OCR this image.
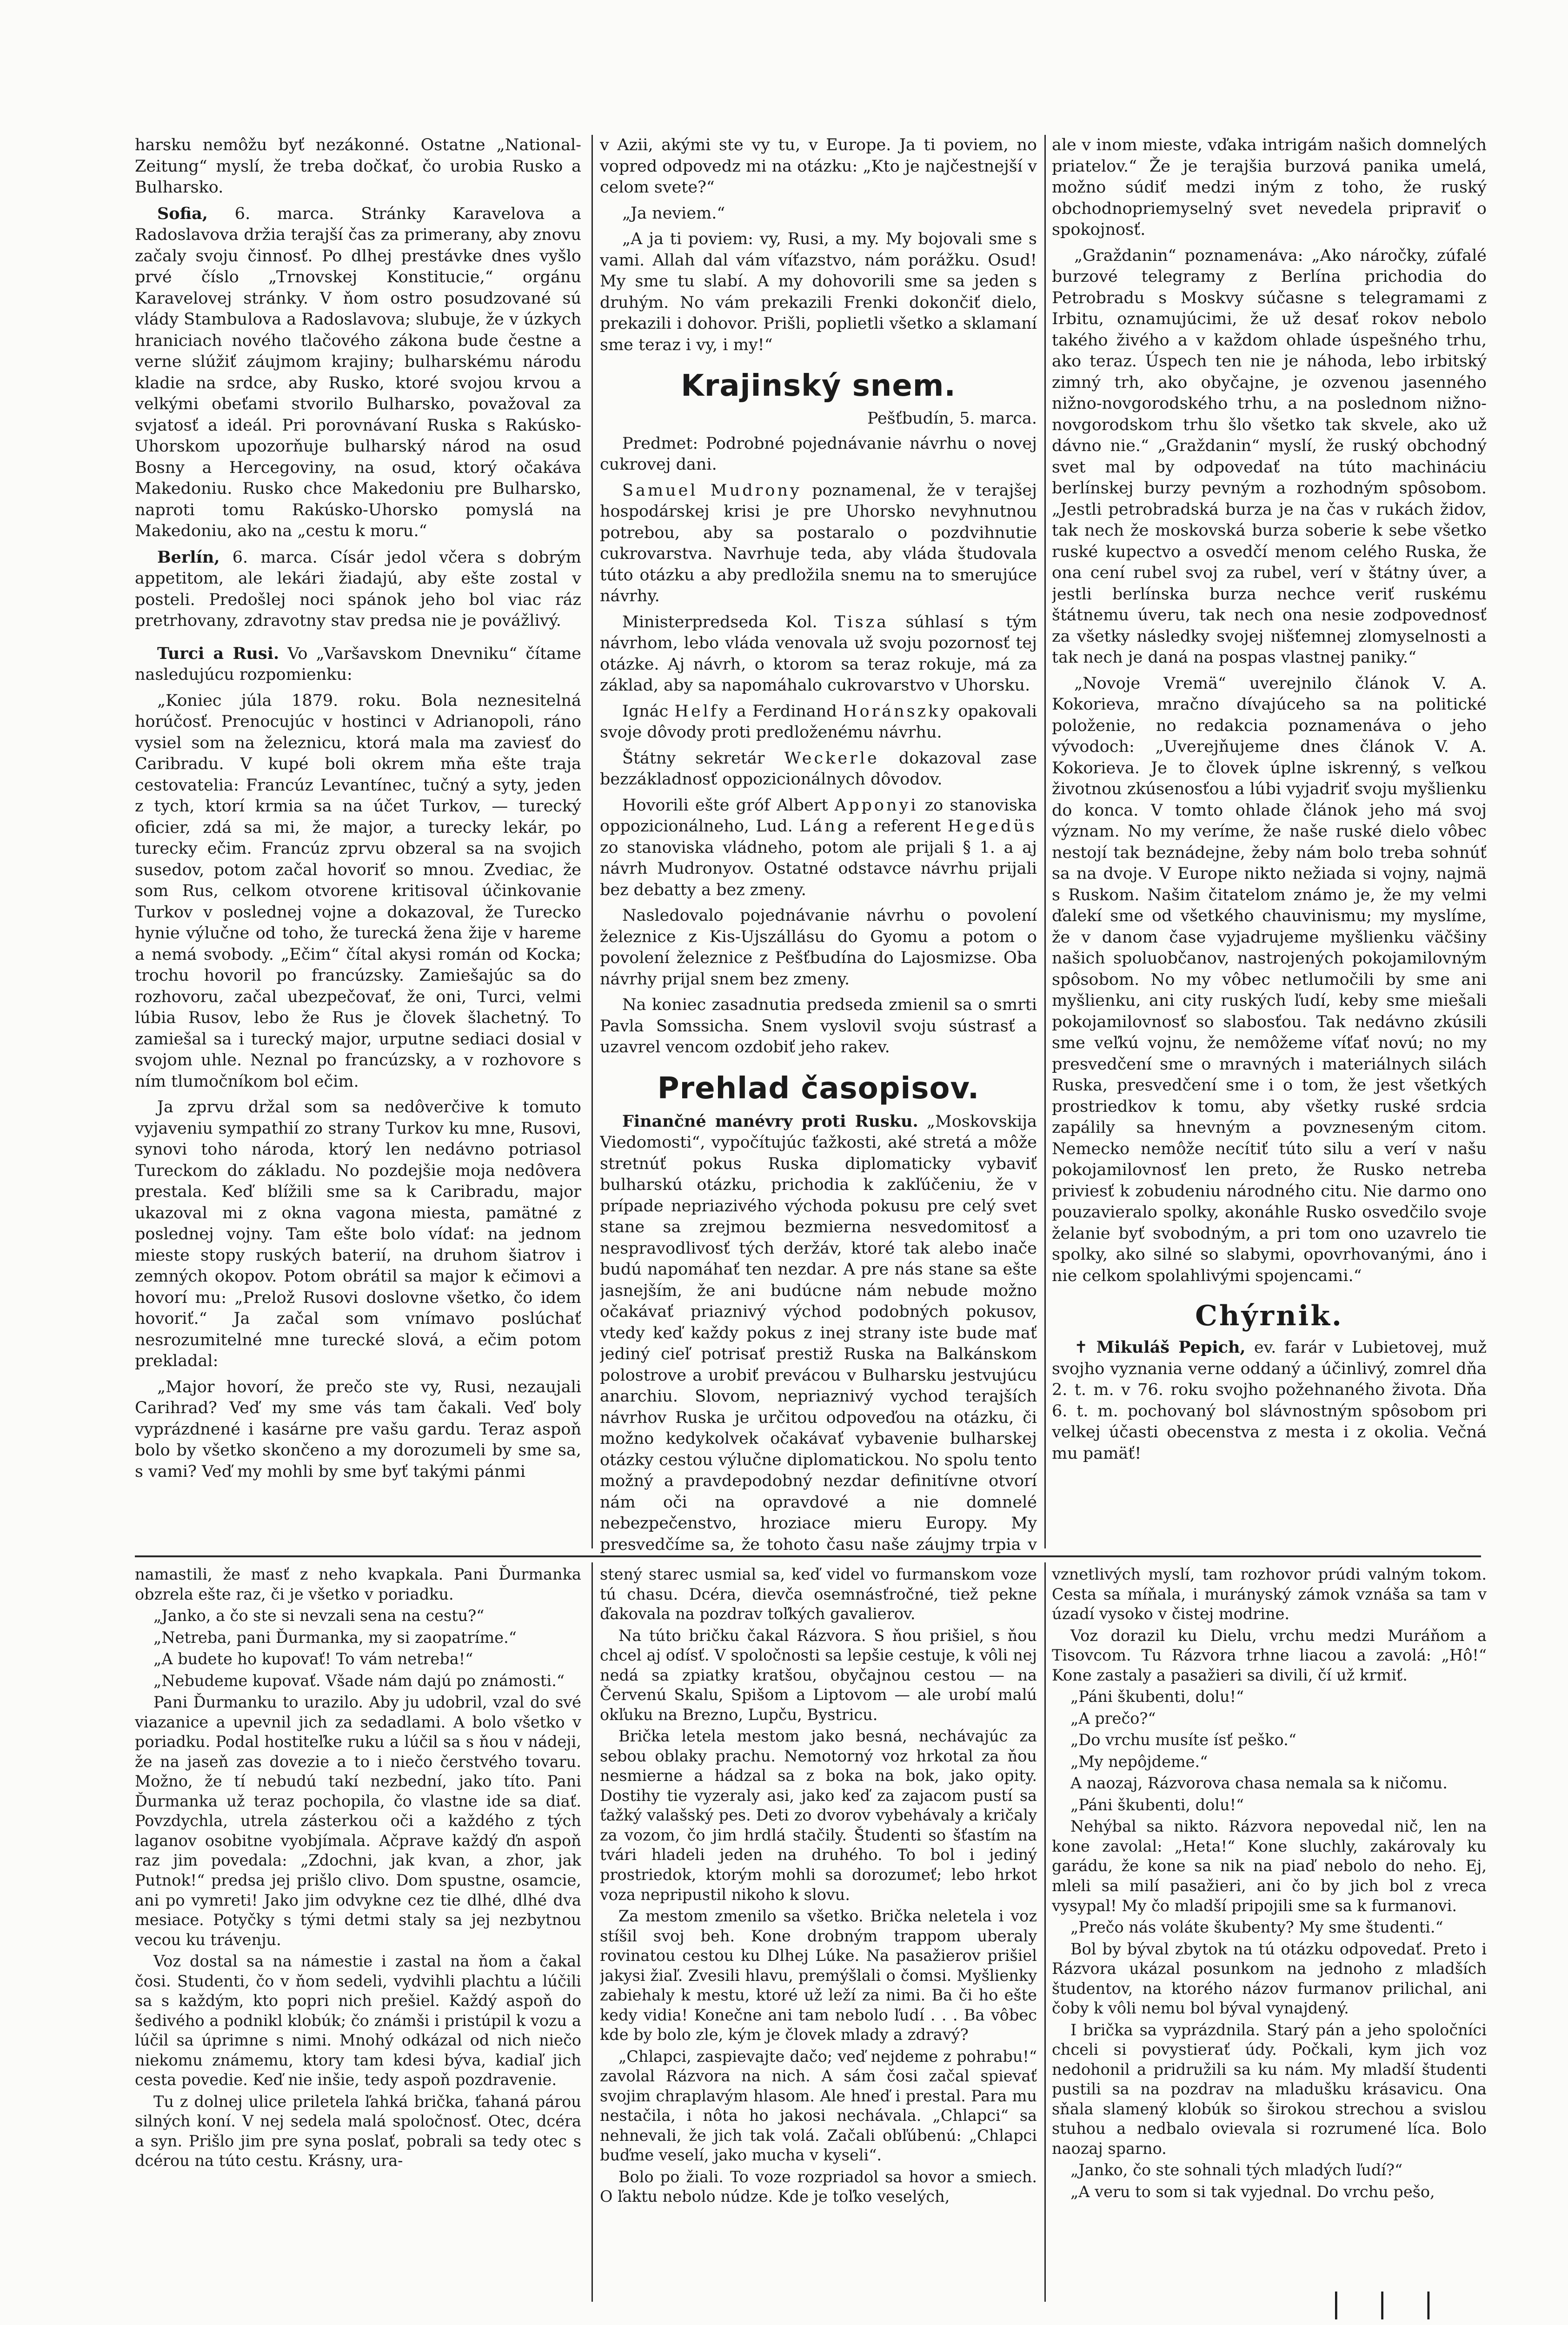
harsku nemôžu byť nezákonné. Ostatne „National-Zeitung“ myslí, že treba dočkať, čo urobia Rusko a Bulharsko.

Sofia, 6. marca. Stránky Karavelova a Radoslavova držia terajší čas za primerany, aby znovu začaly svoju činnosť. Po dlhej prestávke dnes vyšlo prvé číslo „Trnovskej Konstitucie,“ orgánu Karavelovej stránky. V ňom ostro posudzované sú vlády Stambulova a Radoslavova; slubuje, že v úzkych hraniciach nového tlačového zákona bude čestne a verne slúžiť záujmom krajiny; bulharskému národu kladie na srdce, aby Rusko, ktoré svojou krvou a velkými obeťami stvorilo Bulharsko, považoval za svjatosť a ideál. Pri porovnávaní Ruska s Rakúsko-Uhorskom upozorňuje bulharský národ na osud Bosny a Hercegoviny, na osud, ktorý očakáva Makedoniu. Rusko chce Makedoniu pre Bulharsko, naproti tomu Rakúsko-Uhorsko pomyslá na Makedoniu, ako na „cestu k moru.“

Berlín, 6. marca. Císár jedol včera s dobrým appetitom, ale lekári žiadajú, aby ešte zostal v posteli. Predošlej noci spánok jeho bol viac ráz pretrhovany, zdravotny stav predsa nie je povážlivý.

Turci a Rusi. Vo „Varšavskom Dnevniku“ čítame nasledujúcu rozpomienku:

„Koniec júla 1879. roku. Bola neznesitelná horúčosť. Prenocujúc v hostinci v Adrianopoli, ráno vysiel som na železnicu, ktorá mala ma zaviesť do Caribradu. V kupé boli okrem mňa ešte traja cestovatelia: Francúz Levantínec, tučný a syty, jeden z tych, ktorí krmia sa na účet Turkov, — turecký oficier, zdá sa mi, že major, a turecky lekár, po turecky ečim. Francúz zprvu obzeral sa na svojich susedov, potom začal hovoriť so mnou. Zvediac, že som Rus, celkom otvorene kritisoval účinkovanie Turkov v poslednej vojne a dokazoval, že Turecko hynie výlučne od toho, že turecká žena žije v hareme a nemá svobody. „Ečim“ čítal akysi román od Kocka; trochu hovoril po francúzsky. Zamiešajúc sa do rozhovoru, začal ubezpečovať, že oni, Turci, velmi lúbia Rusov, lebo že Rus je človek šlachetný. To zamiešal sa i turecký major, urputne sediaci dosial v svojom uhle. Neznal po francúzsky, a v rozhovore s ním tlumočníkom bol ečim.

Ja zprvu držal som sa nedôverčive k tomuto vyjaveniu sympathií zo strany Turkov ku mne, Rusovi, synovi toho národa, ktorý len nedávno potriasol Tureckom do základu. No pozdejšie moja nedôvera prestala. Keď blížili sme sa k Caribradu, major ukazoval mi z okna vagona miesta, pamätné z poslednej vojny. Tam ešte bolo vídať: na jednom mieste stopy ruských baterií, na druhom šiatrov i zemných okopov. Potom obrátil sa major k ečimovi a hovorí mu: „Prelož Rusovi doslovne všetko, čo idem hovoriť.“ Ja začal som vnímavo poslúchať nesrozumitelné mne turecké slová, a ečim potom prekladal:

„Major hovorí, že prečo ste vy, Rusi, nezaujali Carihrad? Veď my sme vás tam čakali. Veď boly vyprázdnené i kasárne pre vašu gardu. Teraz aspoň bolo by všetko skončeno a my dorozumeli by sme sa, s vami? Veď my mohli by sme byť takými pánmi

v Azii, akými ste vy tu, v Europe. Ja ti poviem, no vopred odpovedz mi na otázku: „Kto je najčestnejší v celom svete?“

„Ja neviem.“

„A ja ti poviem: vy, Rusi, a my. My bojovali sme s vami. Allah dal vám víťazstvo, nám porážku. Osud! My sme tu slabí. A my dohovorili sme sa jeden s druhým. No vám prekazili Frenki dokončiť dielo, prekazili i dohovor. Prišli, poplietli všetko a sklamaní sme teraz i vy, i my!“

Krajinský snem.
Pešťbudín, 5. marca.

Predmet: Podrobné pojednávanie návrhu o novej cukrovej dani.

Samuel Mudrony poznamenal, že v terajšej hospodárskej krisi je pre Uhorsko nevyhnutnou potrebou, aby sa postaralo o pozdvihnutie cukrovarstva. Navrhuje teda, aby vláda študovala túto otázku a aby predložila snemu na to smerujúce návrhy.

Ministerpredseda Kol. Tisza súhlasí s tým návrhom, lebo vláda venovala už svoju pozornosť tej otázke. Aj návrh, o ktorom sa teraz rokuje, má za základ, aby sa napomáhalo cukrovarstvo v Uhorsku.

Ignác Helfy a Ferdinand Horánszky opakovali svoje dôvody proti predloženému návrhu.

Štátny sekretár Weckerle dokazoval zase bezzákladnosť oppozicionálnych dôvodov.

Hovorili ešte gróf Albert Apponyi zo stanoviska oppozicionálneho, Lud. Láng a referent Hegedüs zo stanoviska vládneho, potom ale prijali § 1. a aj návrh Mudronyov. Ostatné odstavce návrhu prijali bez debatty a bez zmeny.

Nasledovalo pojednávanie návrhu o povolení železnice z Kis-Ujszállásu do Gyomu a potom o povolení železnice z Pešťbudína do Lajosmizse. Oba návrhy prijal snem bez zmeny.

Na koniec zasadnutia predseda zmienil sa o smrti Pavla Somssicha. Snem vyslovil svoju sústrasť a uzavrel vencom ozdobiť jeho rakev.

Prehlad časopisov.

Finančné manévry proti Rusku. „Moskovskija Viedomosti“, vypočítujúc ťažkosti, aké stretá a môže stretnúť pokus Ruska diplomaticky vybaviť bulharskú otázku, prichodia k zakľúčeniu, že v prípade nepriazivého východa pokusu pre celý svet stane sa zrejmou bezmierna nesvedomitosť a nespravodlivosť tých deržáv, ktoré tak alebo inače budú napomáhať ten nezdar. A pre nás stane sa ešte jasnejším, že ani budúcne nám nebude možno očakávať priaznivý východ podobných pokusov, vtedy keď každy pokus z inej strany iste bude mať jediný cieľ potrisať prestiž Ruska na Balkánskom polostrove a urobiť prevácou v Bulharsku jestvujúcu anarchiu. Slovom, nepriaznivý vychod terajších návrhov Ruska je určitou odpoveďou na otázku, či možno kedykolvek očakávať vybavenie bulharskej otázky cestou výlučne diplomatickou. No spolu tento možný a pravdepodobný nezdar definitívne otvorí nám oči na opravdové a nie domnelé nebezpečenstvo, hroziace mieru Europy. My presvedčíme sa, že tohoto času naše záujmy trpia v

ale v inom mieste, vďaka intrigám našich domnelých priatelov.“ Že je terajšia burzová panika umelá, možno súdiť medzi iným z toho, že ruský obchodnopriemyselný svet nevedela pripraviť o spokojnosť.

„Graždanin“ poznamenáva: „Ako náročky, zúfalé burzové telegramy z Berlína prichodia do Petrobradu s Moskvy súčasne s telegramami z Irbitu, oznamujúcimi, že už desať rokov nebolo takého živého a v každom ohlade úspešného trhu, ako teraz. Úspech ten nie je náhoda, lebo irbitský zimný trh, ako obyčajne, je ozvenou jasenného nižno-novgorodského trhu, a na poslednom nižno-novgorodskom trhu šlo všetko tak skvele, ako už dávno nie.“ „Graždanin“ myslí, že ruský obchodný svet mal by odpovedať na túto machináciu berlínskej burzy pevným a rozhodným spôsobom. „Jestli petrobradská burza je na čas v rukách židov, tak nech že moskovská burza soberie k sebe všetko ruské kupectvo a osvedčí menom celého Ruska, že ona cení rubel svoj za rubel, verí v štátny úver, a jestli berlínska burza nechce veriť ruskému štátnemu úveru, tak nech ona nesie zodpovednosť za všetky následky svojej nišťemnej zlomyselnosti a tak nech je daná na pospas vlastnej paniky.“

„Novoje Vremä“ uverejnilo článok V. A. Kokorieva, mračno dívajúceho sa na politické položenie, no redakcia poznamenáva o jeho vývodoch: „Uverejňujeme dnes článok V. A. Kokorieva. Je to človek úplne iskrenný, s veľkou životnou zkúsenosťou a lúbi vyjadriť svoju myšlienku do konca. V tomto ohlade článok jeho má svoj význam. No my veríme, že naše ruské dielo vôbec nestojí tak beznádejne, žeby nám bolo treba sohnúť sa na dvoje. V Europe nikto nežiada si vojny, najmä s Ruskom. Našim čitatelom známo je, že my velmi ďalekí sme od všetkého chauvinismu; my myslíme, že v danom čase vyjadrujeme myšlienku väčšiny našich spoluobčanov, nastrojených pokojamilovným spôsobom. No my vôbec netlumočili by sme ani myšlienku, ani city ruských ľudí, keby sme miešali pokojamilovnosť so slabosťou. Tak nedávno zkúsili sme veľkú vojnu, že nemôžeme víťať novú; no my presvedčení sme o mravných i materiálnych silách Ruska, presvedčení sme i o tom, že jest všetkých prostriedkov k tomu, aby všetky ruské srdcia zapálily sa hnevným a povzneseným citom. Nemecko nemôže necítiť túto silu a verí v našu pokojamilovnosť len preto, že Rusko netreba priviesť k zobudeniu národného citu. Nie darmo ono pouzavieralo spolky, akonáhle Rusko osvedčilo svoje želanie byť svobodným, a pri tom ono uzavrelo tie spolky, ako silné so slabymi, opovrhovanými, áno i nie celkom spolahlivými spojencami.“

Chýrnik.

✝ Mikuláš Pepich, ev. farár v Lubietovej, muž svojho vyznania verne oddaný a účinlivý, zomrel dňa 2. t. m. v 76. roku svojho požehnaného života. Dňa 6. t. m. pochovaný bol slávnostným spôsobom pri velkej účasti obecenstva z mesta i z okolia. Večná mu pamäť!

namastili, že masť z neho kvapkala. Pani Ďurmanka obzrela ešte raz, či je všetko v poriadku.

„Janko, a čo ste si nevzali sena na cestu?“

„Netreba, pani Ďurmanka, my si zaopatríme.“

„A budete ho kupovať! To vám netreba!“

„Nebudeme kupovať. Všade nám dajú po známosti.“

Pani Ďurmanku to urazilo. Aby ju udobril, vzal do své viazanice a upevnil jich za sedadlami. A bolo všetko v poriadku. Podal hostiteľke ruku a lúčil sa s ňou v nádeji, že na jaseň zas dovezie a to i niečo čerstvého tovaru. Možno, že tí nebudú takí nezbední, jako títo. Pani Ďurmanka už teraz pochopila, čo vlastne ide sa diať. Povzdychla, utrela zásterkou oči a každého z tých laganov osobitne vyobjímala. Ačprave každý ďn aspoň raz jim povedala: „Zdochni, jak kvan, a zhor, jak Putnok!“ predsa jej prišlo clivo. Dom spustne, osamcie, ani po vymreti! Jako jim odvykne cez tie dlhé, dlhé dva mesiace. Potyčky s tými detmi staly sa jej nezbytnou vecou ku trávenju.

Voz dostal sa na námestie i zastal na ňom a čakal čosi. Studenti, čo v ňom sedeli, vydvihli plachtu a lúčili sa s každým, kto popri nich prešiel. Každý aspoň do šedivého a podnikl klobúk; čo známši i pristúpil k vozu a lúčil sa úprimne s nimi. Mnohý odkázal od nich niečo niekomu známemu, ktory tam kdesi býva, kadiaľ jich cesta povedie. Keď nie inšie, tedy aspoň pozdravenie.

Tu z dolnej ulice priletela ľahká brička, ťahaná párou silných koní. V nej sedela malá spoločnosť. Otec, dcéra a syn. Prišlo jim pre syna poslať, pobrali sa tedy otec s dcérou na túto cestu. Krásny, ura-

stený starec usmial sa, keď videl vo furmanskom voze tú chasu. Dcéra, dievča osemnásťročné, tiež pekne ďakovala na pozdrav toľkých gavalierov.

Na túto bričku čakal Rázvora. S ňou prišiel, s ňou chcel aj odísť. V spoločnosti sa lepšie cestuje, k vôli nej nedá sa zpiatky kratšou, obyčajnou cestou — na Červenú Skalu, Spišom a Liptovom — ale urobí malú okľuku na Brezno, Lupču, Bystricu.

Brička letela mestom jako besná, nechávajúc za sebou oblaky prachu. Nemotorný voz hrkotal za ňou nesmierne a hádzal sa z boka na bok, jako opity. Dostihy tie vyzeraly asi, jako keď za zajacom pustí sa ťažký valašský pes. Deti zo dvorov vybehávaly a kričaly za vozom, čo jim hrdlá stačily. Študenti so šťastím na tvári hladeli jeden na druhého. To bol i jediný prostriedok, ktorým mohli sa dorozumeť; lebo hrkot voza nepripustil nikoho k slovu.

Za mestom zmenilo sa všetko. Brička neletela i voz stíšil svoj beh. Kone drobným trappom uberaly rovinatou cestou ku Dlhej Lúke. Na pasažierov prišiel jakysi žiaľ. Zvesili hlavu, premýšlali o čomsi. Myšlienky zabiehaly k mestu, ktoré už leží za nimi. Ba či ho ešte kedy vidia! Konečne ani tam nebolo ľudí . . . Ba vôbec kde by bolo zle, kým je človek mlady a zdravý?

„Chlapci, zaspievajte dačo; veď nejdeme z pohrabu!“ zavolal Rázvora na nich. A sám čosi začal spievať svojim chraplavým hlasom. Ale hneď i prestal. Para mu nestačila, i nôta ho jakosi nechávala. „Chlapci“ sa nehnevali, že jich tak volá. Začali obľúbenú: „Chlapci buďme veselí, jako mucha v kyseli“.

Bolo po žiali. To voze rozpriadol sa hovor a smiech. O ľaktu nebolo núdze. Kde je toľko veselých,

vznetlivých myslí, tam rozhovor prúdi valným tokom. Cesta sa míňala, i murányský zámok vznáša sa tam v úzadí vysoko v čistej modrine.

Voz dorazil ku Dielu, vrchu medzi Muráňom a Tisovcom. Tu Rázvora trhne liacou a zavolá: „Hô!“ Kone zastaly a pasažieri sa divili, čí už krmiť.

„Páni škubenti, dolu!“

„A prečo?“

„Do vrchu musíte ísť peško.“

„My nepôjdeme.“

A naozaj, Rázvorova chasa nemala sa k ničomu.

„Páni škubenti, dolu!“

Nehýbal sa nikto. Rázvora nepovedal nič, len na kone zavolal: „Heta!“ Kone sluchly, zakárovaly ku garádu, že kone sa nik na piaď nebolo do neho. Ej, mleli sa milí pasažieri, ani čo by jich bol z vreca vysypal! My čo mladší pripojili sme sa k furmanovi.

„Prečo nás voláte škubenty? My sme študenti.“

Bol by býval zbytok na tú otázku odpovedať. Preto i Rázvora ukázal posunkom na jednoho z mladších študentov, na ktorého názov furmanov prilichal, ani čoby k vôli nemu bol býval vynajdený.

I brička sa vyprázdnila. Starý pán a jeho spoločníci chceli si povystierať údy. Počkali, kym jich voz nedohonil a pridružili sa ku nám. My mladší študenti pustili sa na pozdrav na mladušku krásavicu. Ona sňala slamený klobúk so širokou strechou a svislou stuhou a nedbalo ovievala si rozrumené líca. Bolo naozaj sparno.

„Janko, čo ste sohnali tých mladých ľudí?“

„A veru to som si tak vyjednal. Do vrchu pešo,

| | |
